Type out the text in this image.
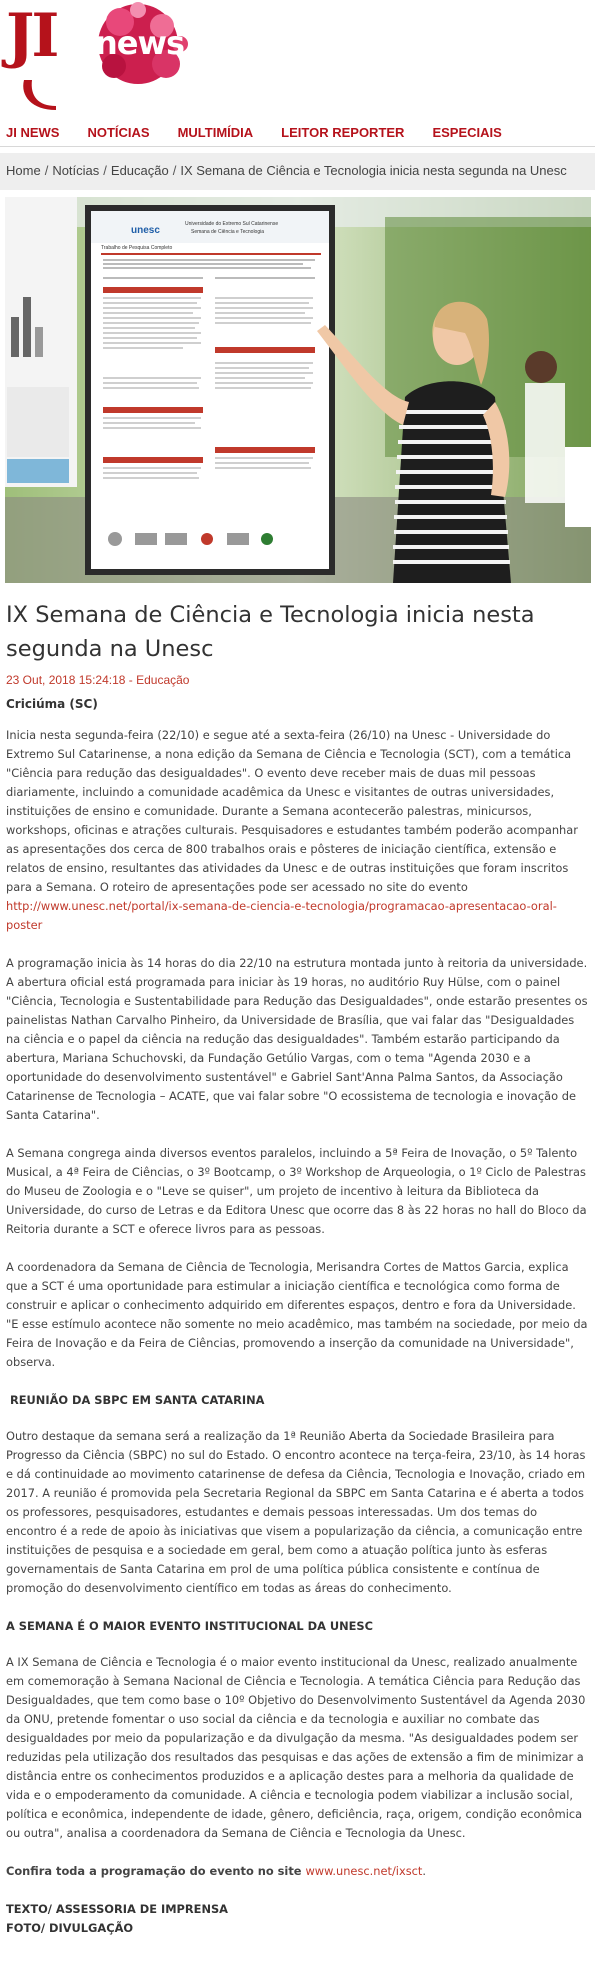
JI news
JI NEWS NOTÍCIAS MULTIMÍDIA LEITOR REPORTER ESPECIAIS
Home / Notícias / Educação / IX Semana de Ciência e Tecnologia inicia nesta segunda na Unesc
unesc
Universidade do Extremo Sul Catarinense
Semana de Ciência e Tecnologia
Trabalho de Pesquisa Completo
IX Semana de Ciência e Tecnologia inicia nesta segunda na Unesc
23 Out, 2018 15:24:18 - Educação
Criciúma (SC)

Inicia nesta segunda-feira (22/10) e segue até a sexta-feira (26/10) na Unesc - Universidade do Extremo Sul Catarinense, a nona edição da Semana de Ciência e Tecnologia (SCT), com a temática "Ciência para redução das desigualdades". O evento deve receber mais de duas mil pessoas diariamente, incluindo a comunidade acadêmica da Unesc e visitantes de outras universidades, instituições de ensino e comunidade. Durante a Semana acontecerão palestras, minicursos, workshops, oficinas e atrações culturais. Pesquisadores e estudantes também poderão acompanhar as apresentações dos cerca de 800 trabalhos orais e pôsteres de iniciação científica, extensão e relatos de ensino, resultantes das atividades da Unesc e de outras instituições que foram inscritos para a Semana. O roteiro de apresentações pode ser acessado no site do evento http://www.unesc.net/portal/ix-semana-de-ciencia-e-tecnologia/programacao-apresentacao-oral-poster

A programação inicia às 14 horas do dia 22/10 na estrutura montada junto à reitoria da universidade. A abertura oficial está programada para iniciar às 19 horas, no auditório Ruy Hülse, com o painel "Ciência, Tecnologia e Sustentabilidade para Redução das Desigualdades", onde estarão presentes os painelistas Nathan Carvalho Pinheiro, da Universidade de Brasília, que vai falar das "Desigualdades na ciência e o papel da ciência na redução das desigualdades". Também estarão participando da abertura, Mariana Schuchovski, da Fundação Getúlio Vargas, com o tema "Agenda 2030 e a oportunidade do desenvolvimento sustentável" e Gabriel Sant'Anna Palma Santos, da Associação Catarinense de Tecnologia – ACATE, que vai falar sobre "O ecossistema de tecnologia e inovação de Santa Catarina".

A Semana congrega ainda diversos eventos paralelos, incluindo a 5ª Feira de Inovação, o 5º Talento Musical, a 4ª Feira de Ciências, o 3º Bootcamp, o 3º Workshop de Arqueologia, o 1º Ciclo de Palestras do Museu de Zoologia e o "Leve se quiser", um projeto de incentivo à leitura da Biblioteca da Universidade, do curso de Letras e da Editora Unesc que ocorre das 8 às 22 horas no hall do Bloco da Reitoria durante a SCT e oferece livros para as pessoas.

A coordenadora da Semana de Ciência de Tecnologia, Merisandra Cortes de Mattos Garcia, explica que a SCT é uma oportunidade para estimular a iniciação científica e tecnológica como forma de construir e aplicar o conhecimento adquirido em diferentes espaços, dentro e fora da Universidade. "E esse estímulo acontece não somente no meio acadêmico, mas também na sociedade, por meio da Feira de Inovação e da Feira de Ciências, promovendo a inserção da comunidade na Universidade", observa.

REUNIÃO DA SBPC EM SANTA CATARINA

Outro destaque da semana será a realização da 1ª Reunião Aberta da Sociedade Brasileira para Progresso da Ciência (SBPC) no sul do Estado. O encontro acontece na terça-feira, 23/10, às 14 horas e dá continuidade ao movimento catarinense de defesa da Ciência, Tecnologia e Inovação, criado em 2017. A reunião é promovida pela Secretaria Regional da SBPC em Santa Catarina e é aberta a todos os professores, pesquisadores, estudantes e demais pessoas interessadas. Um dos temas do encontro é a rede de apoio às iniciativas que visem a popularização da ciência, a comunicação entre instituições de pesquisa e a sociedade em geral, bem como a atuação política junto às esferas governamentais de Santa Catarina em prol de uma política pública consistente e contínua de promoção do desenvolvimento científico em todas as áreas do conhecimento.

A SEMANA É O MAIOR EVENTO INSTITUCIONAL DA UNESC

A IX Semana de Ciência e Tecnologia é o maior evento institucional da Unesc, realizado anualmente em comemoração à Semana Nacional de Ciência e Tecnologia. A temática Ciência para Redução das Desigualdades, que tem como base o 10º Objetivo do Desenvolvimento Sustentável da Agenda 2030 da ONU, pretende fomentar o uso social da ciência e da tecnologia e auxiliar no combate das desigualdades por meio da popularização e da divulgação da mesma. "As desigualdades podem ser reduzidas pela utilização dos resultados das pesquisas e das ações de extensão a fim de minimizar a distância entre os conhecimentos produzidos e a aplicação destes para a melhoria da qualidade de vida e o empoderamento da comunidade. A ciência e tecnologia podem viabilizar a inclusão social, política e econômica, independente de idade, gênero, deficiência, raça, origem, condição econômica ou outra", analisa a coordenadora da Semana de Ciência e Tecnologia da Unesc.

Confira toda a programação do evento no site www.unesc.net/ixsct.

TEXTO/ ASSESSORIA DE IMPRENSA

FOTO/ DIVULGAÇÃO
